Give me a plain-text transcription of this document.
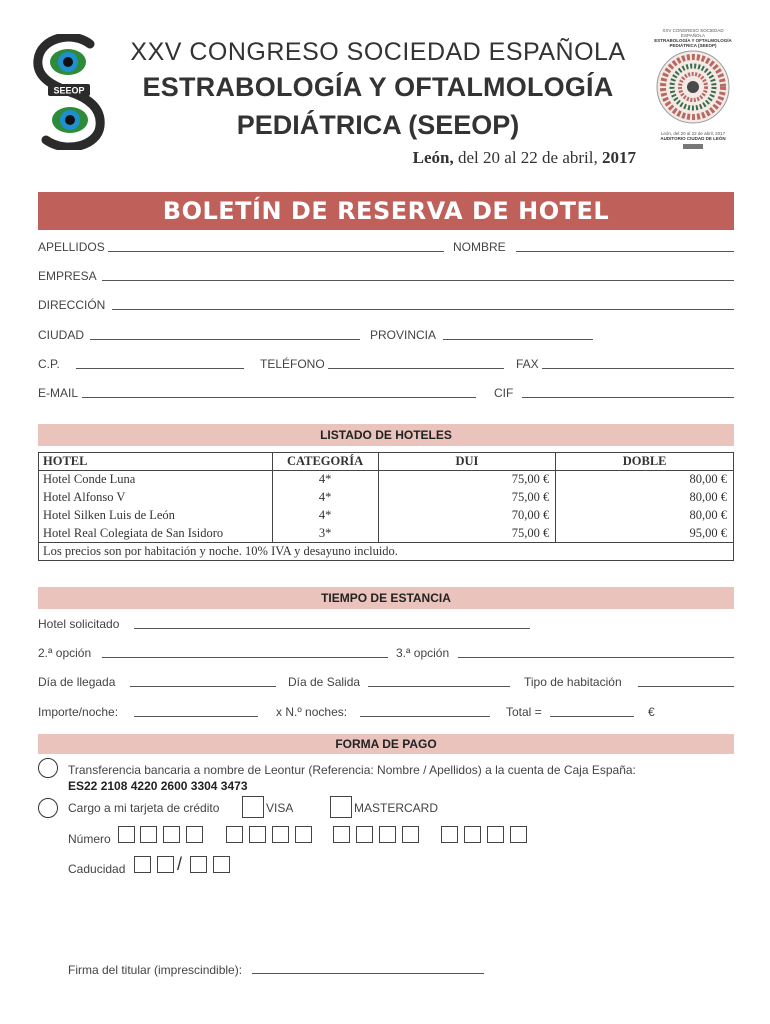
SEEOP
XXV CONGRESO SOCIEDAD ESPAÑOLA
ESTRABOLOGÍA Y OFTALMOLOGÍA
PEDIÁTRICA (SEEOP)
León, del 20 al 22 de abril, 2017
XXV CONGRESO SOCIEDAD ESPAÑOLA
ESTRABOLOGÍA Y OFTALMOLOGÍA
PEDIÁTRICA (SEEOP)
León, del 20 al 22 de abril, 2017
AUDITORIO CIUDAD DE LEÓN
BOLETÍN DE RESERVA DE HOTEL
APELLIDOS	NOMBRE
EMPRESA
DIRECCIÓN
CIUDAD	PROVINCIA
C.P.	TELÉFONO	FAX
E-MAIL	CIF
LISTADO DE HOTELES
HOTEL	CATEGORÍA	DUI	DOBLE
Hotel Conde Luna	4*	75,00 €	80,00 €
Hotel Alfonso V	4*	75,00 €	80,00 €
Hotel Silken Luis de León	4*	70,00 €	80,00 €
Hotel Real Colegiata de San Isidoro	3*	75,00 €	95,00 €
Los precios son por habitación y noche. 10% IVA y desayuno incluido.			
TIEMPO DE ESTANCIA
Hotel solicitado
2.ª opción	3.ª opción
Día de llegada	Día de Salida	Tipo de habitación
Importe/noche:	x N.º noches:	Total =	€
FORMA DE PAGO
Transferencia bancaria a nombre de Leontur (Referencia: Nombre / Apellidos) a la cuenta de Caja España:
ES22 2108 4220 2600 3304 3473
Cargo a mi tarjeta de crédito	VISA	MASTERCARD
Número
Caducidad	/
Firma del titular (imprescindible):
